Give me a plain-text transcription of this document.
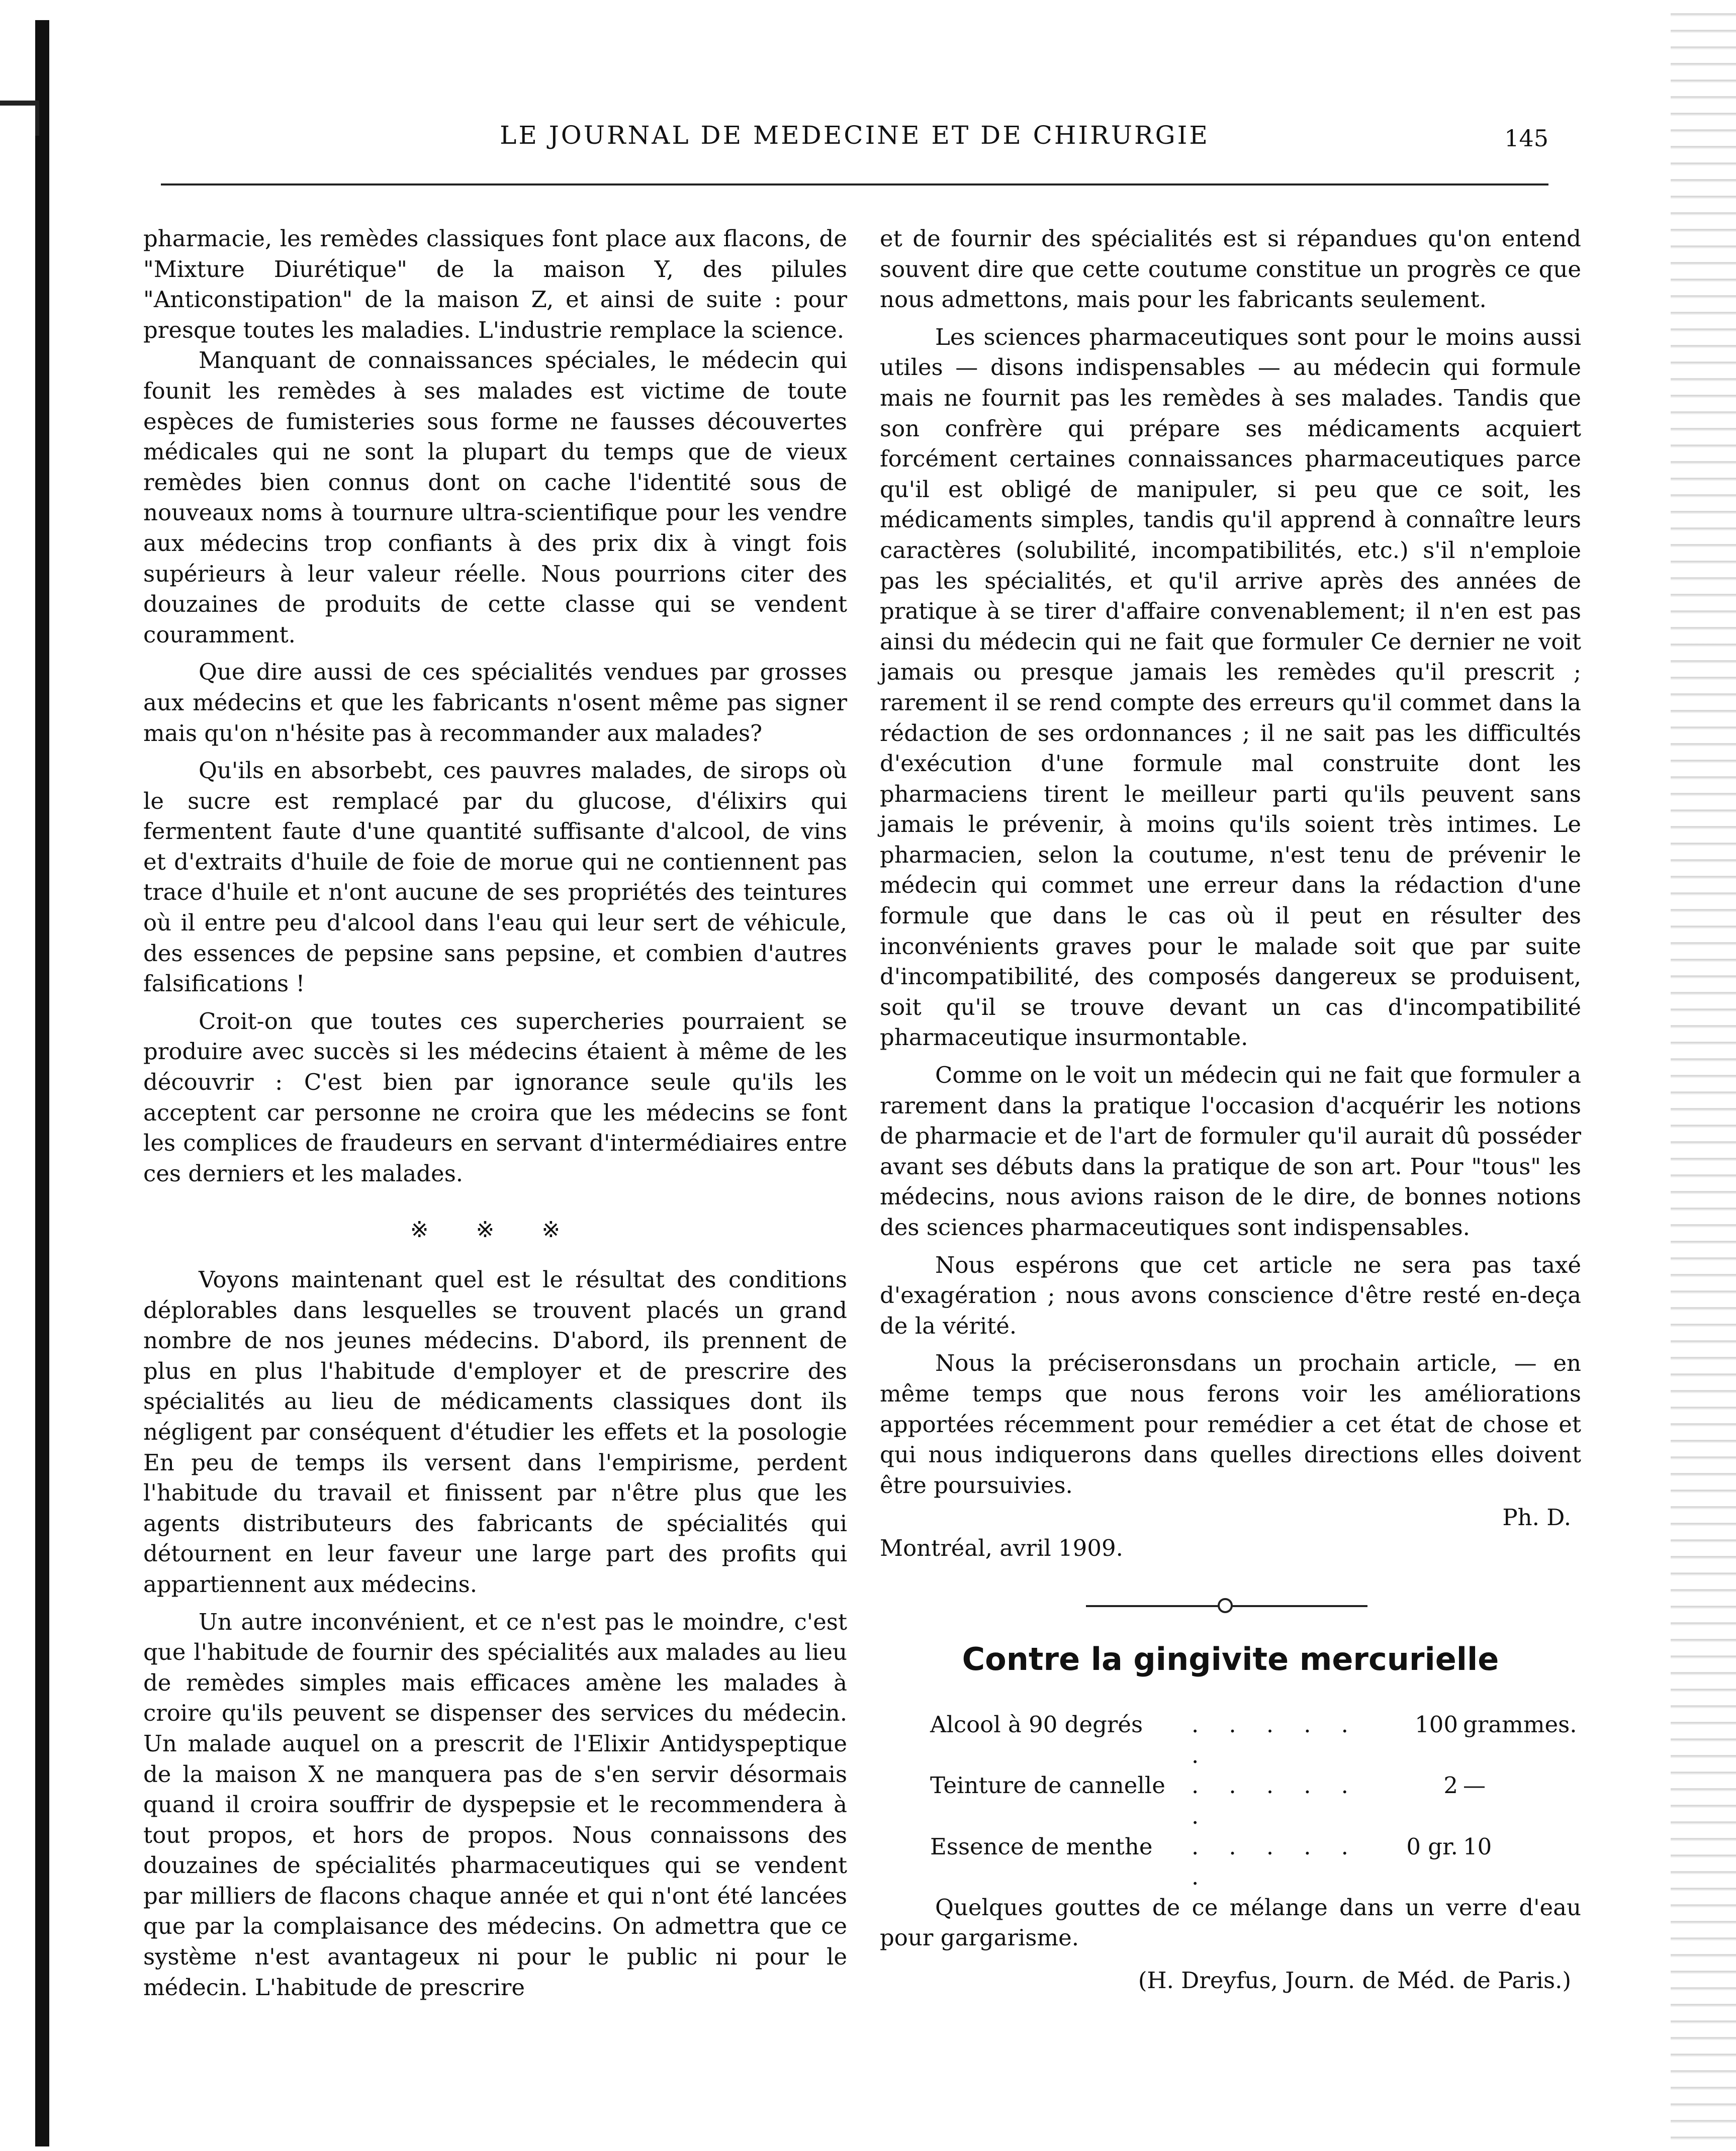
LE JOURNAL DE MEDECINE ET DE CHIRURGIE	145

pharmacie, les remèdes classiques font place aux flacons, de "Mixture Diurétique" de la maison Y, des pilules "Anticonstipation" de la maison Z, et ainsi de suite : pour presque toutes les maladies. L'industrie remplace la science.

Manquant de connaissances spéciales, le médecin qui founit les remèdes à ses malades est victime de toute espèces de fumisteries sous forme ne fausses découvertes médicales qui ne sont la plupart du temps que de vieux remèdes bien connus dont on cache l'identité sous de nouveaux noms à tournure ultra-scientifique pour les vendre aux médecins trop confiants à des prix dix à vingt fois supérieurs à leur valeur réelle. Nous pourrions citer des douzaines de produits de cette classe qui se vendent couramment.

Que dire aussi de ces spécialités vendues par grosses aux médecins et que les fabricants n'osent même pas signer mais qu'on n'hésite pas à recommander aux malades?

Qu'ils en absorbebt, ces pauvres malades, de sirops où le sucre est remplacé par du glucose, d'élixirs qui fermentent faute d'une quantité suffisante d'alcool, de vins et d'extraits d'huile de foie de morue qui ne contiennent pas trace d'huile et n'ont aucune de ses propriétés des teintures où il entre peu d'alcool dans l'eau qui leur sert de véhicule, des essences de pepsine sans pepsine, et combien d'autres falsifications !

Croit-on que toutes ces supercheries pourraient se produire avec succès si les médecins étaient à même de les découvrir : C'est bien par ignorance seule qu'ils les acceptent car personne ne croira que les médecins se font les complices de fraudeurs en servant d'intermédiaires entre ces derniers et les malades.

※ ※ ※

Voyons maintenant quel est le résultat des conditions déplorables dans lesquelles se trouvent placés un grand nombre de nos jeunes médecins. D'abord, ils prennent de plus en plus l'habitude d'employer et de prescrire des spécialités au lieu de médicaments classiques dont ils négligent par conséquent d'étudier les effets et la posologie En peu de temps ils versent dans l'empirisme, perdent l'habitude du travail et finissent par n'être plus que les agents distributeurs des fabricants de spécialités qui détournent en leur faveur une large part des profits qui appartiennent aux médecins.

Un autre inconvénient, et ce n'est pas le moindre, c'est que l'habitude de fournir des spécialités aux malades au lieu de remèdes simples mais efficaces amène les malades à croire qu'ils peuvent se dispenser des services du médecin. Un malade auquel on a prescrit de l'Elixir Antidyspeptique de la maison X ne manquera pas de s'en servir désormais quand il croira souffrir de dyspepsie et le recommendera à tout propos, et hors de propos. Nous connaissons des douzaines de spécialités pharmaceutiques qui se vendent par milliers de flacons chaque année et qui n'ont été lancées que par la complaisance des médecins. On admettra que ce système n'est avantageux ni pour le public ni pour le médecin. L'habitude de prescrire

et de fournir des spécialités est si répandues qu'on entend souvent dire que cette coutume constitue un progrès ce que nous admettons, mais pour les fabricants seulement.

Les sciences pharmaceutiques sont pour le moins aussi utiles — disons indispensables — au médecin qui formule mais ne fournit pas les remèdes à ses malades. Tandis que son confrère qui prépare ses médicaments acquiert forcément certaines connaissances pharmaceutiques parce qu'il est obligé de manipuler, si peu que ce soit, les médicaments simples, tandis qu'il apprend à connaître leurs caractères (solubilité, incompatibilités, etc.) s'il n'emploie pas les spécialités, et qu'il arrive après des années de pratique à se tirer d'affaire convenablement; il n'en est pas ainsi du médecin qui ne fait que formuler Ce dernier ne voit jamais ou presque jamais les remèdes qu'il prescrit ; rarement il se rend compte des erreurs qu'il commet dans la rédaction de ses ordonnances ; il ne sait pas les difficultés d'exécution d'une formule mal construite dont les pharmaciens tirent le meilleur parti qu'ils peuvent sans jamais le prévenir, à moins qu'ils soient très intimes. Le pharmacien, selon la coutume, n'est tenu de prévenir le médecin qui commet une erreur dans la rédaction d'une formule que dans le cas où il peut en résulter des inconvénients graves pour le malade soit que par suite d'incompatibilité, des composés dangereux se produisent, soit qu'il se trouve devant un cas d'incompatibilité pharmaceutique insurmontable.

Comme on le voit un médecin qui ne fait que formuler a rarement dans la pratique l'occasion d'acquérir les notions de pharmacie et de l'art de formuler qu'il aurait dû posséder avant ses débuts dans la pratique de son art. Pour "tous" les médecins, nous avions raison de le dire, de bonnes notions des sciences pharmaceutiques sont indispensables.

Nous espérons que cet article ne sera pas taxé d'exagération ; nous avons conscience d'être resté en-deça de la vérité.

Nous la préciseronsdans un prochain article, — en même temps que nous ferons voir les améliorations apportées récemment pour remédier a cet état de chose et qui nous indiquerons dans quelles directions elles doivent être poursuivies.

Ph. D.

Montréal, avril 1909.

Contre la gingivite mercurielle

Alcool à 90 degrés	. . . . . .
100 grammes.

Teinture de cannelle	. . . . . .
2 —

Essence de menthe	. . . . . .
0 gr. 10

Quelques gouttes de ce mélange dans un verre d'eau pour gargarisme.

(H. Dreyfus, Journ. de Méd. de Paris.)
